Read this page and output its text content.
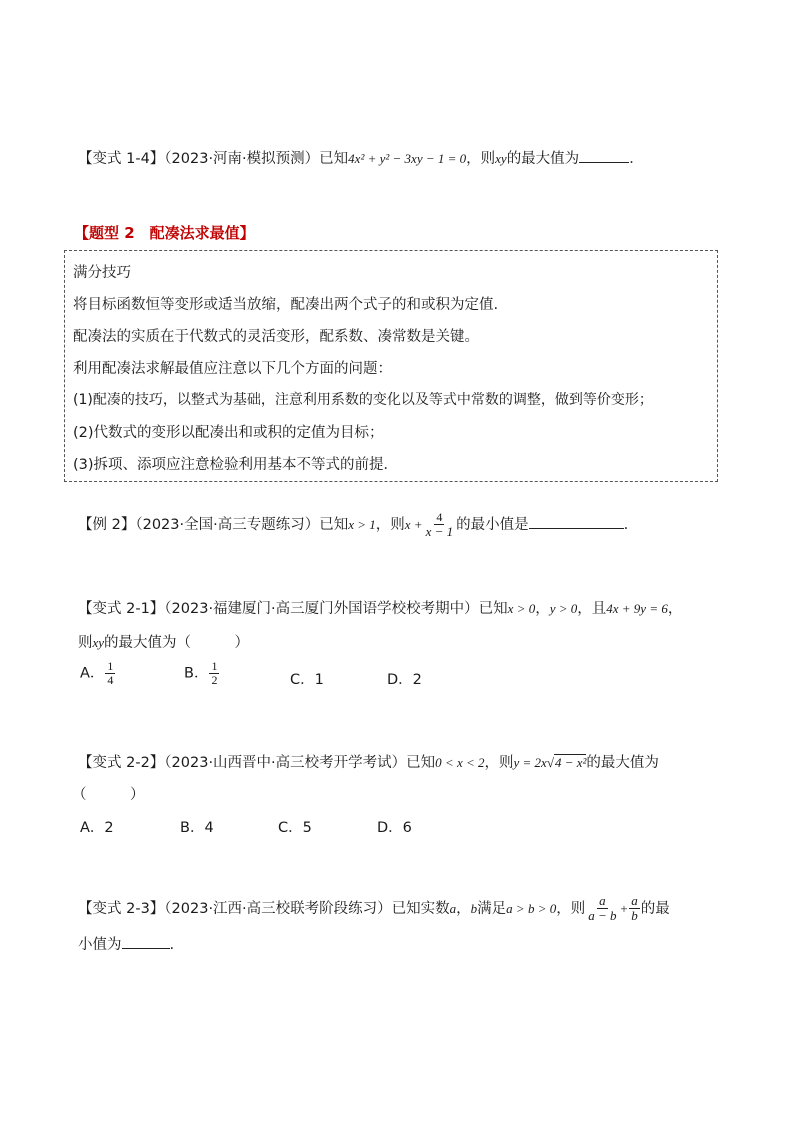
【变式 1-4】（2023·河南·模拟预测）已知4x² + y² − 3xy − 1 = 0，则xy的最大值为	．
【题型 2　配凑法求最值】
满分技巧
将目标函数恒等变形或适当放缩，配凑出两个式子的和或积为定值.
配凑法的实质在于代数式的灵活变形，配系数、凑常数是关键。
利用配凑法求解最值应注意以下几个方面的问题：
(1)配凑的技巧，以整式为基础，注意利用系数的变化以及等式中常数的调整，做到等价变形；
(2)代数式的变形以配凑出和或积的定值为目标；
(3)拆项、添项应注意检验利用基本不等式的前提．
【例 2】（2023·全国·高三专题练习）已知x > 1，则$x + \frac{4}{x - 1}$ 的最小值是	.
【变式 2-1】（2023·福建厦门·高三厦门外国语学校校考期中）已知x > 0，y > 0，且4x + 9y = 6，
则xy的最大值为（　　　）
A． $\frac{1}{4}$	B． $\frac{1}{2}$	C．1	D．2
【变式 2-2】（2023·山西晋中·高三校考开学考试）已知0 < x < 2，则y = 2x√4 − x²的最大值为
（　　　）
A．2	B．4	C．5	D．6
【变式 2-3】（2023·江西·高三校联考阶段练习）已知实数a，b满足a > b > 0，则 $\frac{a}{a - b} + \frac{a}{b}$ 的最
小值为	.
